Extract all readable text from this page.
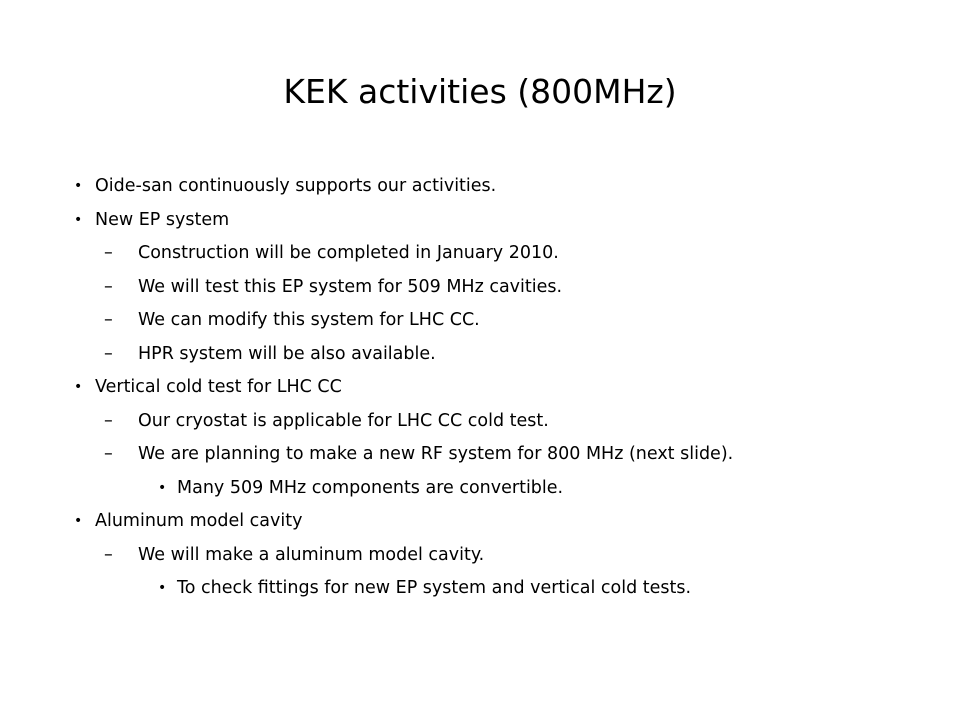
KEK activities (800MHz)
• Oide-san continuously supports our activities.
• New EP system
– Construction will be completed in January 2010.
– We will test this EP system for 509 MHz cavities.
– We can modify this system for LHC CC.
– HPR system will be also available.
• Vertical cold test for LHC CC
– Our cryostat is applicable for LHC CC cold test.
– We are planning to make a new RF system for 800 MHz (next slide).
• Many 509 MHz components are convertible.
• Aluminum model cavity
– We will make a aluminum model cavity.
• To check fittings for new EP system and vertical cold tests.
